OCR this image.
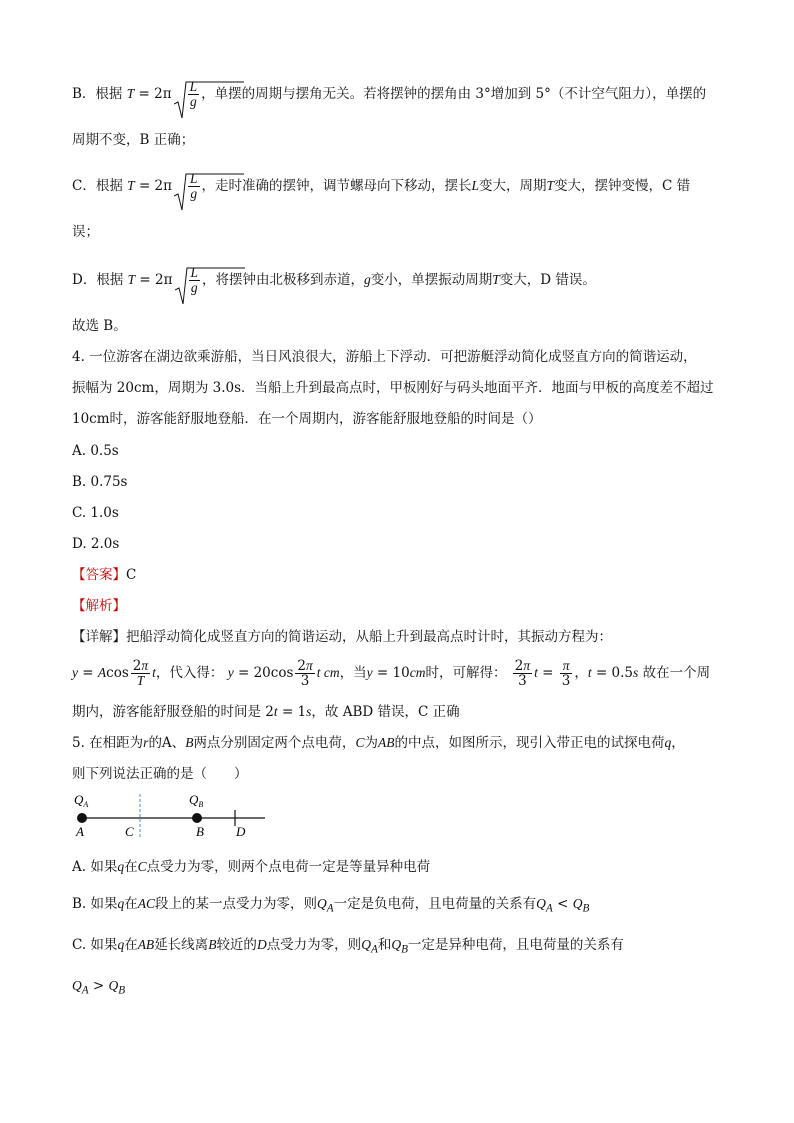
B．根据 $T = 2\pi \frac{L}{g}$ ，单摆的周期与摆角无关。若将摆钟的摆角由 3°增加到 5°（不计空气阻力），单摆的
周期不变，B 正确；
C．根据 $T = 2\pi \frac{L}{g}$ ，走时准确的摆钟，调节螺母向下移动，摆长L变大，周期T变大，摆钟变慢，C 错
误；
D．根据 $T = 2\pi \frac{L}{g}$ ，将摆钟由北极移到赤道，g变小，单摆振动周期T变大，D 错误。
故选 B。
4. 一位游客在湖边欲乘游船，当日风浪很大，游船上下浮动．可把游艇浮动简化成竖直方向的简谐运动，
振幅为 20cm，周期为 3.0s．当船上升到最高点时，甲板刚好与码头地面平齐．地面与甲板的高度差不超过
10cm时，游客能舒服地登船．在一个周期内，游客能舒服地登船的时间是（）
A. 0.5s
B. 0.75s
C. 1.0s
D. 2.0s
【答案】C
【解析】
【详解】把船浮动简化成竖直方向的简谐运动，从船上升到最高点时计时，其振动方程为：
y = Acos $\frac{2\pi}{T}$ t，代入得： $y = 20\cos \frac{2\pi}{3}$ t cm，当y = 10cm时，可解得： $\frac{2\pi}{3}$ $t = \frac{\pi}{3}$ ，t = 0.5s 故在一个周
期内，游客能舒服登船的时间是 2t = 1s，故 ABD 错误，C 正确
5. 在相距为r的A、B两点分别固定两个点电荷，C为AB的中点，如图所示，现引入带正电的试探电荷q，
则下列说法正确的是（　　）
$Q_A$	$Q_B$
A	C	B D
A. 如果q在C点受力为零，则两个点电荷一定是等量异种电荷
B. 如果q在AC段上的某一点受力为零，则$Q_A$一定是负电荷，且电荷量的关系有$Q_A < Q_B$
C. 如果q在AB延长线离B较近的D点受力为零，则$Q_A$和$Q_B$一定是异种电荷，且电荷量的关系有
$Q_A > Q_B$
